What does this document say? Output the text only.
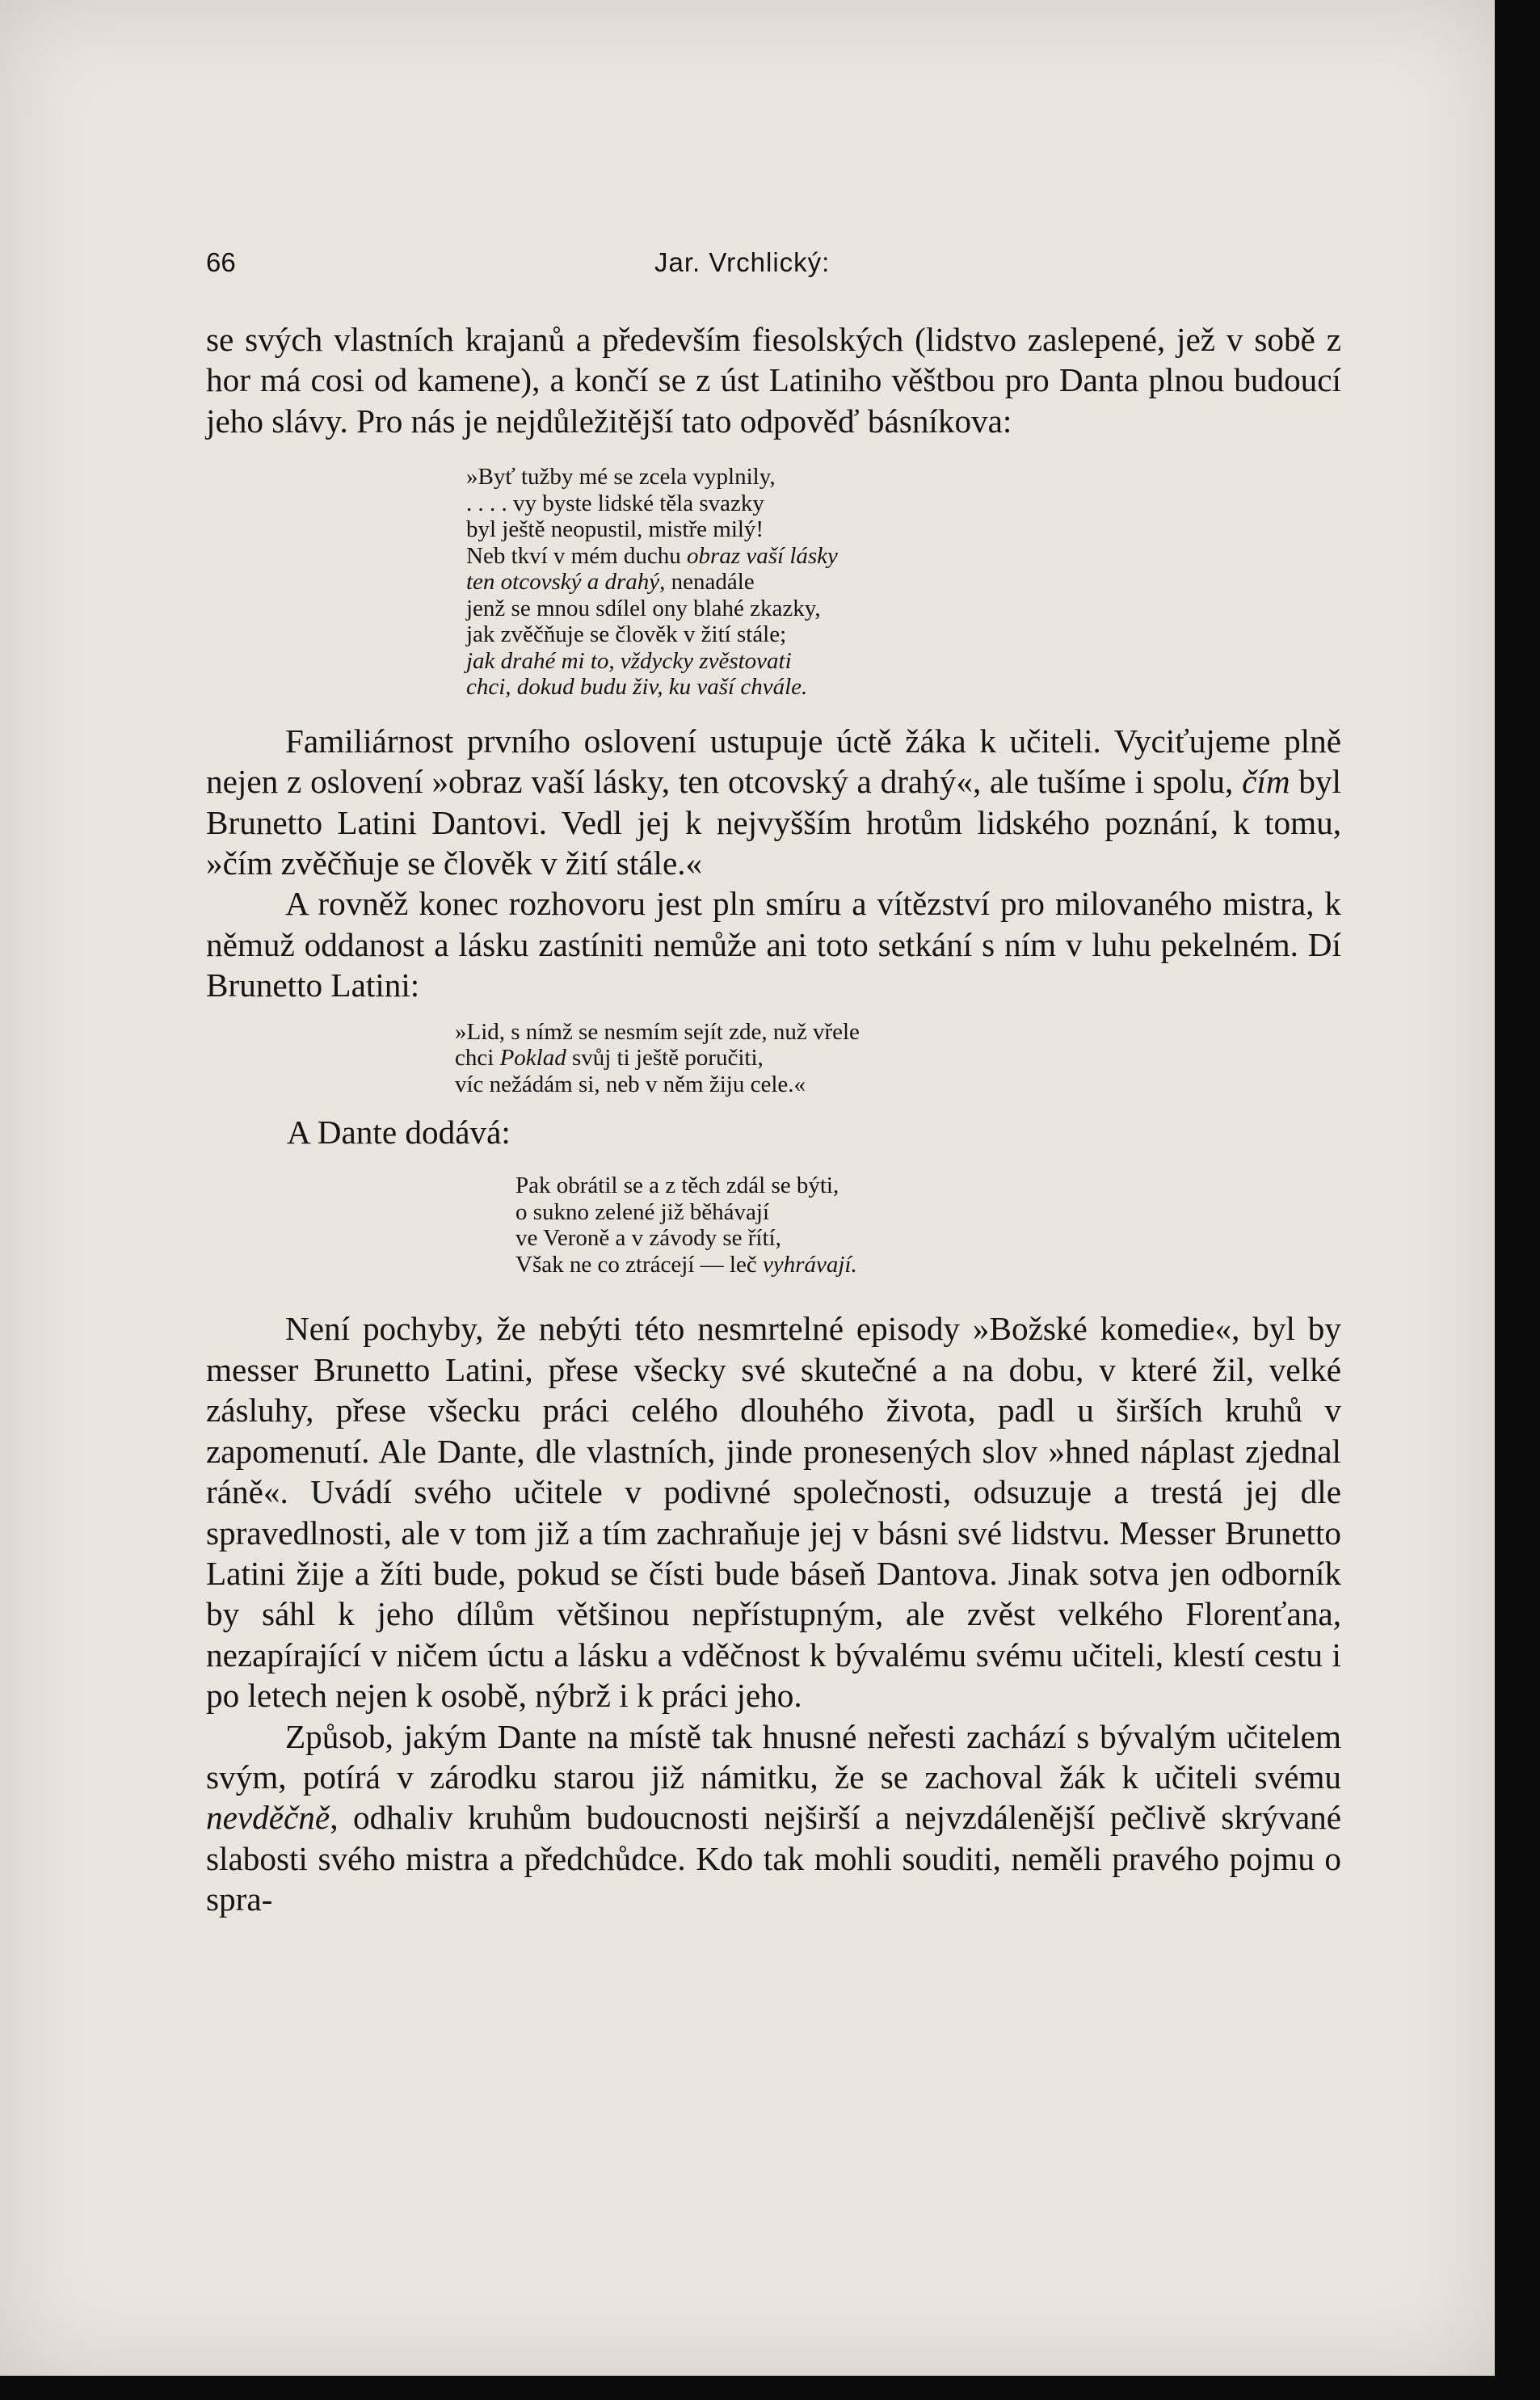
66	Jar. Vrchlický:

se svých vlastních krajanů a především fiesolských (lidstvo zaslepené, jež v sobě z hor má cosi od kamene), a končí se z úst Latiniho věštbou pro Danta plnou budoucí jeho slávy. Pro nás je nejdůležitější tato odpověď básníkova:

»Byť tužby mé se zcela vyplnily,
. . . . vy byste lidské těla svazky
byl ještě neopustil, mistře milý!
Neb tkví v mém duchu obraz vaší lásky
ten otcovský a drahý, nenadále
jenž se mnou sdílel ony blahé zkazky,
jak zvěčňuje se člověk v žití stále;
jak drahé mi to, vždycky zvěstovati
chci, dokud budu živ, ku vaší chvále.

Familiárnost prvního oslovení ustupuje úctě žáka k učiteli. Vyciťujeme plně nejen z oslovení »obraz vaší lásky, ten otcovský a drahý«, ale tušíme i spolu, čím byl Brunetto Latini Dantovi. Vedl jej k nejvyšším hrotům lidského poznání, k tomu, »čím zvěčňuje se člověk v žití stále.«

A rovněž konec rozhovoru jest pln smíru a vítězství pro milovaného mistra, k němuž oddanost a lásku zastíniti nemůže ani toto setkání s ním v luhu pekelném. Dí Brunetto Latini:

»Lid, s nímž se nesmím sejít zde, nuž vřele
chci Poklad svůj ti ještě poručiti,
víc nežádám si, neb v něm žiju cele.«

A Dante dodává:

Pak obrátil se a z těch zdál se býti,
o sukno zelené již běhávají
ve Veroně a v závody se řítí,
Však ne co ztrácejí — leč vyhrávají.

Není pochyby, že nebýti této nesmrtelné episody »Božské komedie«, byl by messer Brunetto Latini, přese všecky své skutečné a na dobu, v které žil, velké zásluhy, přese všecku práci celého dlouhého života, padl u širších kruhů v zapomenutí. Ale Dante, dle vlastních, jinde pronesených slov »hned náplast zjednal ráně«. Uvádí svého učitele v podivné společnosti, odsuzuje a trestá jej dle spravedlnosti, ale v tom již a tím zachraňuje jej v básni své lidstvu. Messer Brunetto Latini žije a žíti bude, pokud se čísti bude báseň Dantova. Jinak sotva jen odborník by sáhl k jeho dílům většinou nepřístupným, ale zvěst velkého Florenťana, nezapírající v ničem úctu a lásku a vděčnost k bývalému svému učiteli, klestí cestu i po letech nejen k osobě, nýbrž i k práci jeho.

Způsob, jakým Dante na místě tak hnusné neřesti zachází s bývalým učitelem svým, potírá v zárodku starou již námitku, že se zachoval žák k učiteli svému nevděčně, odhaliv kruhům budoucnosti nejširší a nejvzdálenější pečlivě skrývané slabosti svého mistra a předchůdce. Kdo tak mohli souditi, neměli pravého pojmu o spra-
